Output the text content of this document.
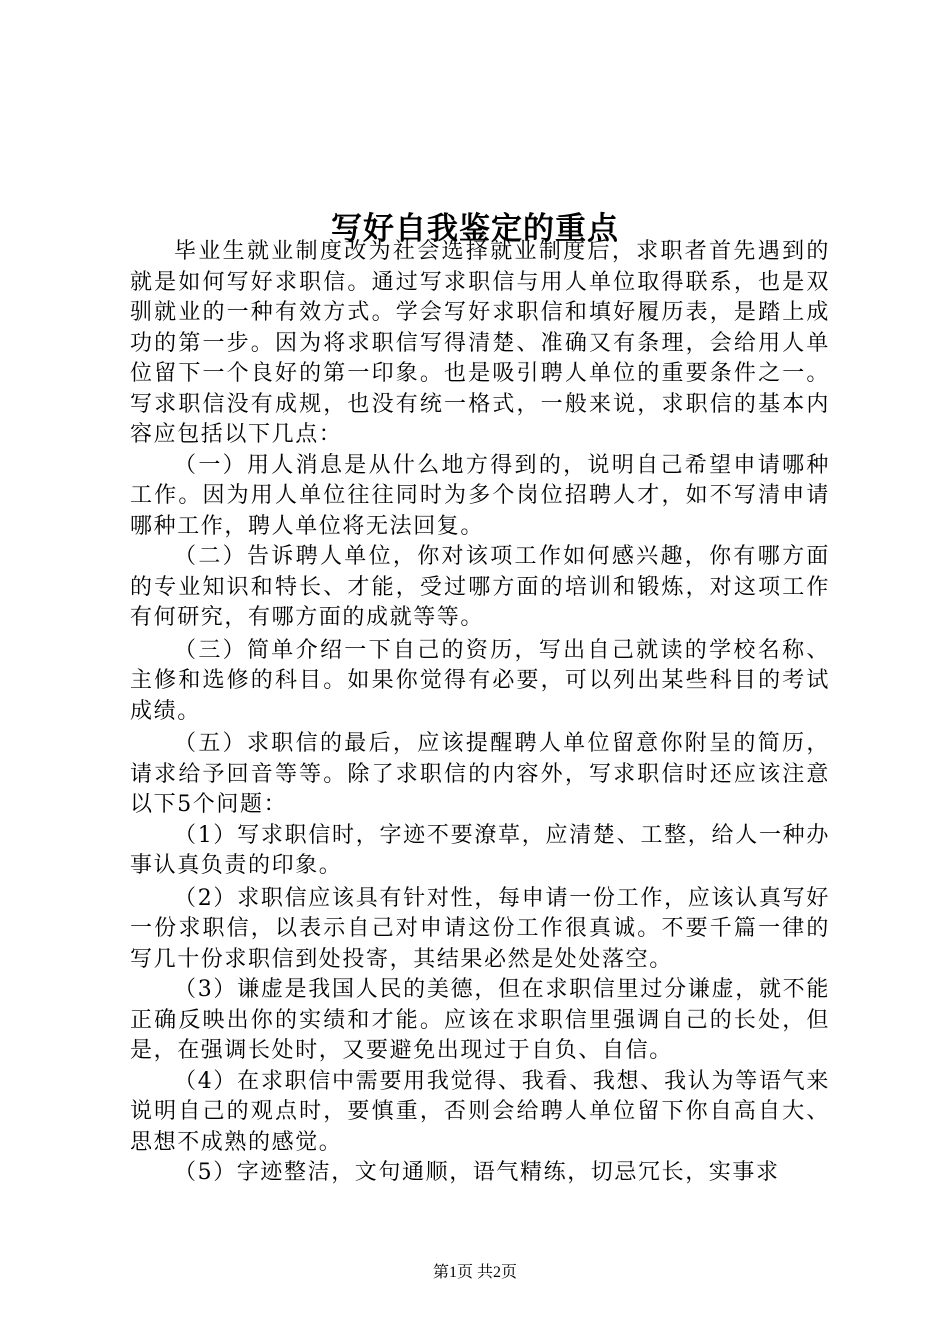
写好自我鉴定的重点

毕业生就业制度改为社会选择就业制度后，求职者首先遇到的就是如何写好求职信。通过写求职信与用人单位取得联系，也是双驯就业的一种有效方式。学会写好求职信和填好履历表，是踏上成功的第一步。因为将求职信写得清楚、准确又有条理，会给用人单位留下一个良好的第一印象。也是吸引聘人单位的重要条件之一。写求职信没有成规，也没有统一格式，一般来说，求职信的基本内容应包括以下几点：

（一）用人消息是从什么地方得到的，说明自己希望申请哪种工作。因为用人单位往往同时为多个岗位招聘人才，如不写清申请哪种工作，聘人单位将无法回复。

（二）告诉聘人单位，你对该项工作如何感兴趣，你有哪方面的专业知识和特长、才能，受过哪方面的培训和锻炼，对这项工作有何研究，有哪方面的成就等等。

（三）简单介绍一下自己的资历，写出自己就读的学校名称、主修和选修的科目。如果你觉得有必要，可以列出某些科目的考试成绩。

（五）求职信的最后，应该提醒聘人单位留意你附呈的简历，请求给予回音等等。除了求职信的内容外，写求职信时还应该注意以下5个问题：

（1）写求职信时，字迹不要潦草，应清楚、工整，给人一种办事认真负责的印象。

（2）求职信应该具有针对性，每申请一份工作，应该认真写好一份求职信，以表示自己对申请这份工作很真诚。不要千篇一律的写几十份求职信到处投寄，其结果必然是处处落空。

（3）谦虚是我国人民的美德，但在求职信里过分谦虚，就不能正确反映出你的实绩和才能。应该在求职信里强调自己的长处，但是，在强调长处时，又要避免出现过于自负、自信。

（4）在求职信中需要用我觉得、我看、我想、我认为等语气来说明自己的观点时，要慎重，否则会给聘人单位留下你自高自大、思想不成熟的感觉。

（5）字迹整洁，文句通顺，语气精练，切忌冗长，实事求

第1页 共2页
